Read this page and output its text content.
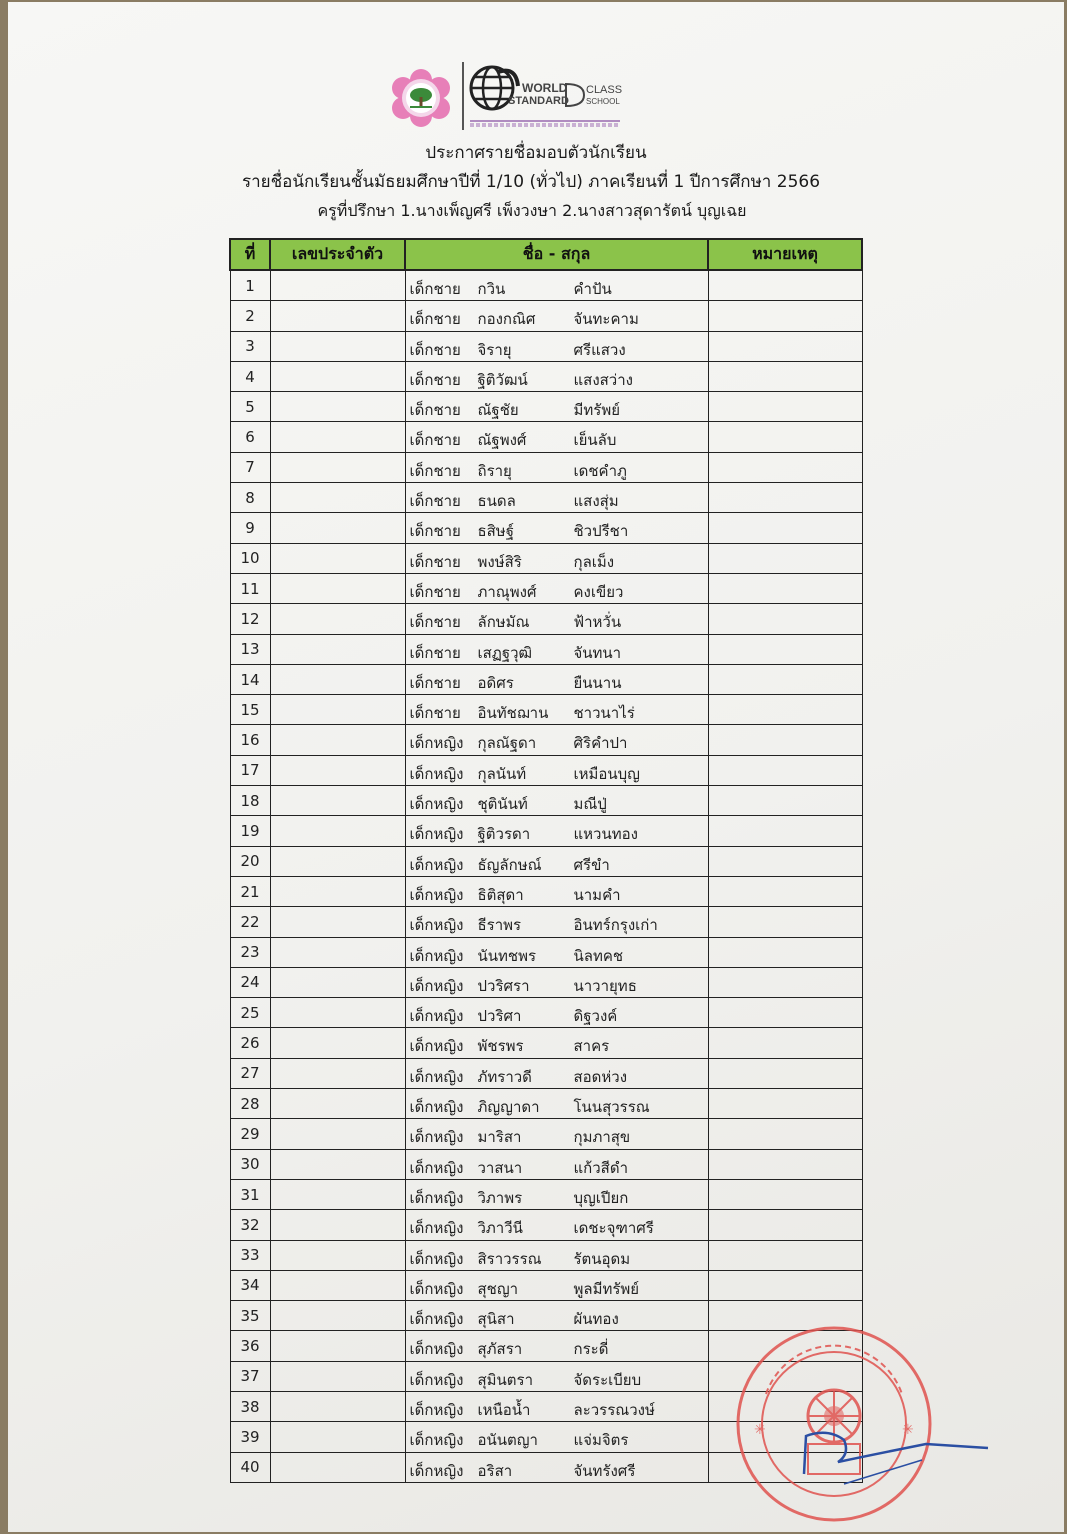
WORLD
STANDARD
CLASS
SCHOOL
ประกาศรายชื่อมอบตัวนักเรียน
รายชื่อนักเรียนชั้นมัธยมศึกษาปีที่ 1/10 (ทั่วไป) ภาคเรียนที่ 1 ปีการศึกษา 2566
ครูที่ปรึกษา 1.นางเพ็ญศรี เพ็งวงษา 2.นางสาวสุดารัตน์ บุญเฉย
ที่	เลขประจำตัว	ชื่อ - สกุล	หมายเหตุ
1		เด็กชาย กวิน คำปัน	

2		เด็กชาย กองกณิศ จันทะคาม	

3		เด็กชาย จิรายุ ศรีแสวง	

4		เด็กชาย ฐิติวัฒน์ แสงสว่าง	

5		เด็กชาย ณัฐชัย มีทรัพย์	

6		เด็กชาย ณัฐพงศ์ เย็นลับ	

7		เด็กชาย ถิรายุ เดชคำภู	

8		เด็กชาย ธนดล แสงสุ่ม	

9		เด็กชาย ธสิษฐ์ ชิวปรีชา	

10		เด็กชาย พงษ์สิริ กุลเม็ง	

11		เด็กชาย ภาณุพงศ์ คงเขียว	

12		เด็กชาย ลักษมัณ ฟ้าหวั่น	

13		เด็กชาย เสฏฐวุฒิ จันทนา	

14		เด็กชาย อดิศร ยืนนาน	

15		เด็กชาย อินทัชฌาน ชาวนาไร่	

16		เด็กหญิง กุลณัฐดา ศิริคำปา	

17		เด็กหญิง กุลนันท์ เหมือนบุญ	

18		เด็กหญิง ชุตินันท์ มณีปู่	

19		เด็กหญิง ฐิติวรดา แหวนทอง	

20		เด็กหญิง ธัญลักษณ์ ศรีขำ	

21		เด็กหญิง ธิติสุดา นามคำ	

22		เด็กหญิง ธีราพร อินทร์กรุงเก่า	

23		เด็กหญิง นันทชพร นิลทคช	

24		เด็กหญิง ปวริศรา นาวายุทธ	

25		เด็กหญิง ปวริศา ดิฐวงค์	

26		เด็กหญิง พัชรพร สาคร	

27		เด็กหญิง ภัทราวดี สอดห่วง	

28		เด็กหญิง ภิญญาดา โนนสุวรรณ	

29		เด็กหญิง มาริสา กุมภาสุข	

30		เด็กหญิง วาสนา แก้วสีดำ	

31		เด็กหญิง วิภาพร บุญเปียก	

32		เด็กหญิง วิภาวีนี เดชะจุฑาศรี	

33		เด็กหญิง สิราวรรณ รัตนอุดม	

34		เด็กหญิง สุชญา พูลมีทรัพย์	

35		เด็กหญิง สุนิสา ผันทอง	

36		เด็กหญิง สุภัสรา กระดี่	

37		เด็กหญิง สุมินตรา จัดระเบียบ	

38		เด็กหญิง เหนือน้ำ ละวรรณวงษ์	

39		เด็กหญิง อนันตญา แจ่มจิตร	

40		เด็กหญิง อริสา จันทรังศรี	

✳	✳
